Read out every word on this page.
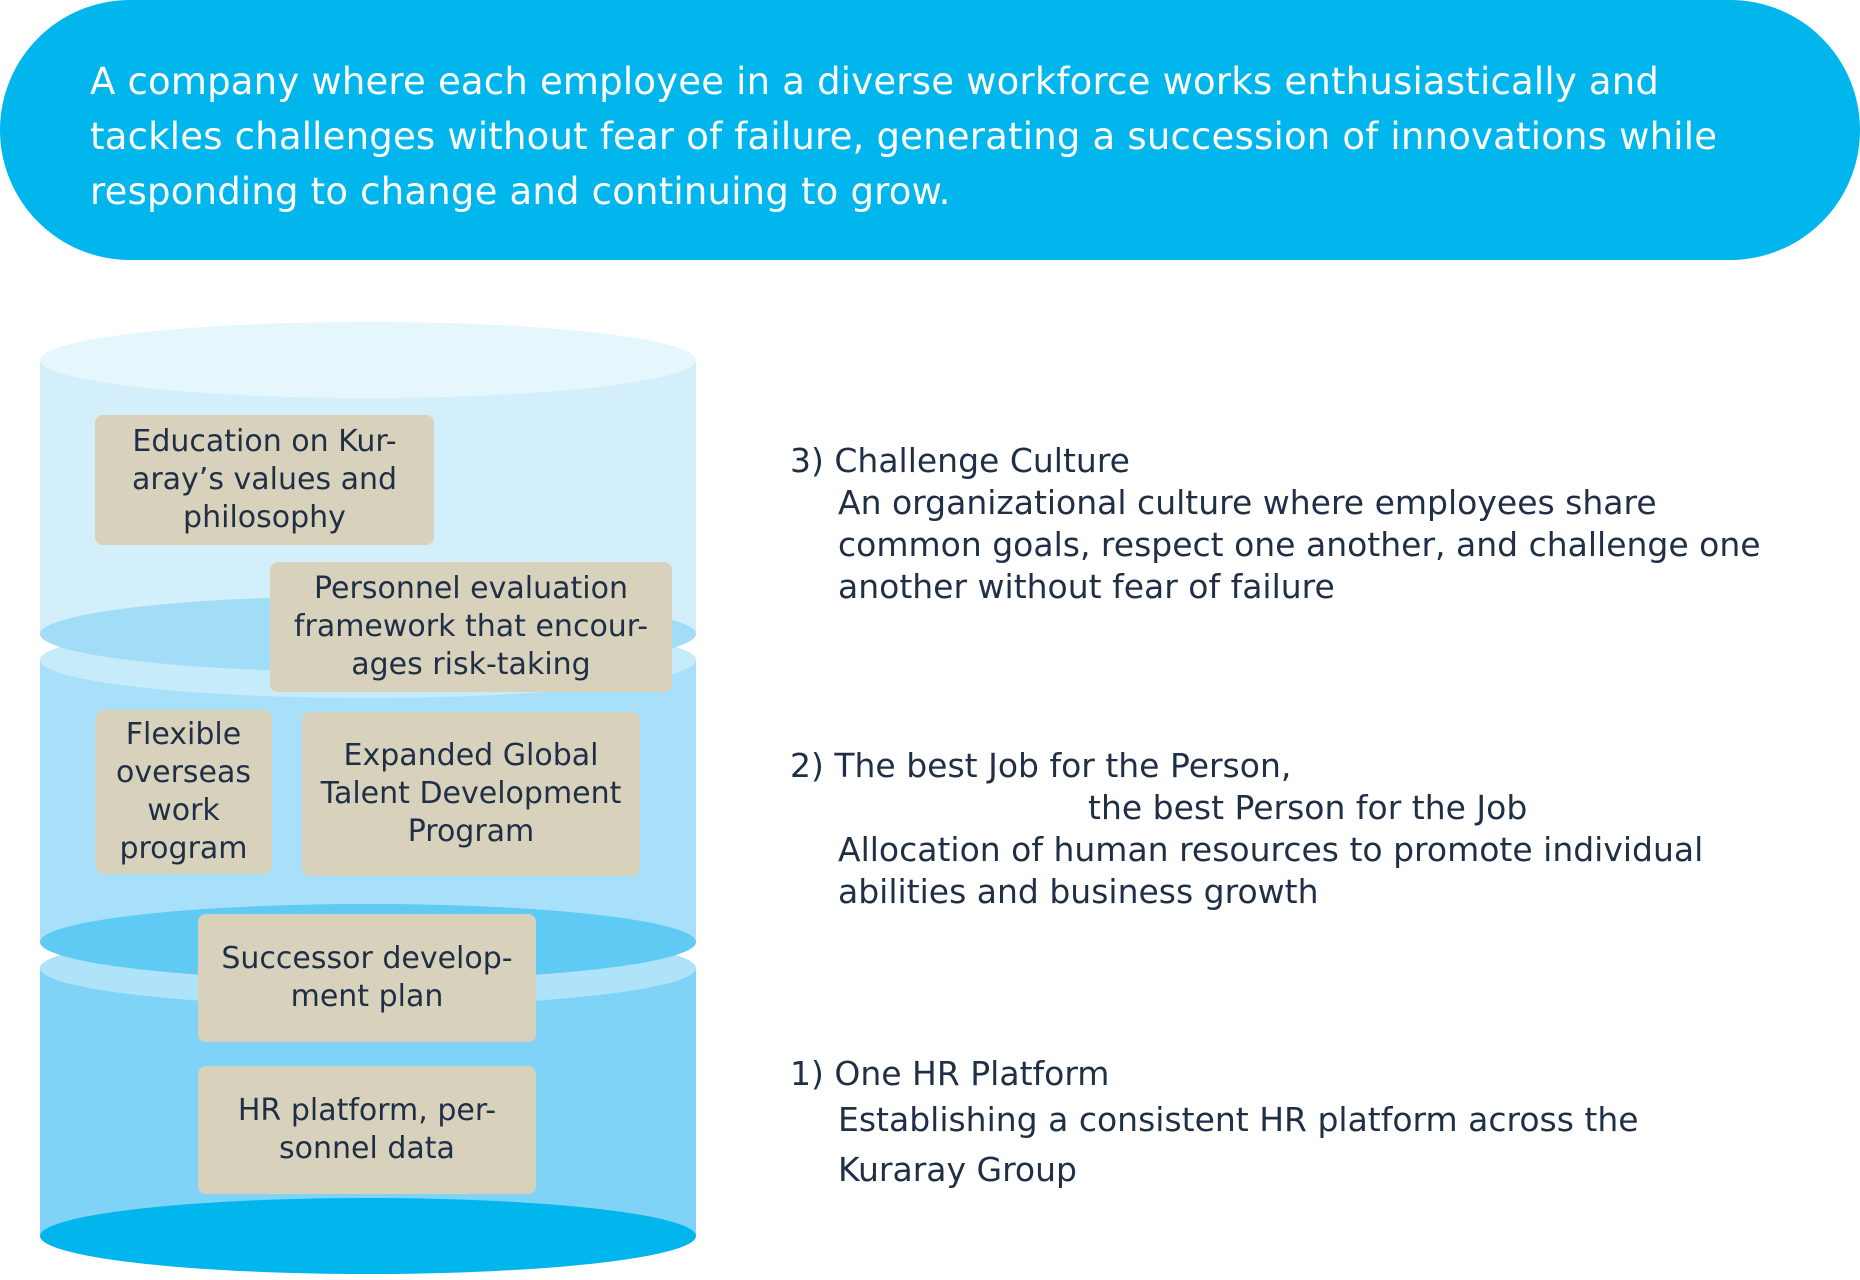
A company where each employee in a diverse workforce works enthusiastically and tackles challenges without fear of failure, generating a succession of innovations while responding to change and continuing to grow.
Education on Kur-
aray’s values and
philosophy
Personnel evaluation
framework that encour-
ages risk-taking
Flexible
overseas
work
program
Expanded Global
Talent Development
Program
Successor develop-
ment plan
HR platform, per-
sonnel data
3) Challenge Culture
An organizational culture where employees share
common goals, respect one another, and challenge one
another without fear of failure
2) The best Job for the Person,
the best Person for the Job
Allocation of human resources to promote individual
abilities and business growth
1) One HR Platform
Establishing a consistent HR platform across the
Kuraray Group
